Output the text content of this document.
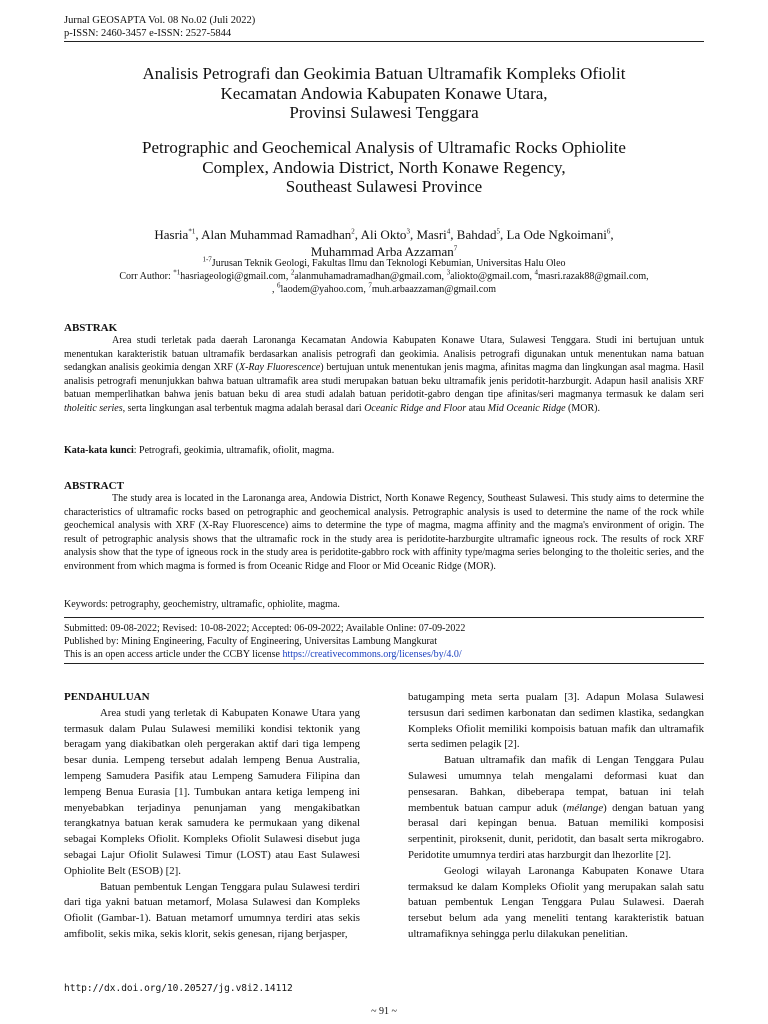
Jurnal GEOSAPTA Vol. 08 No.02 (Juli 2022)
p-ISSN: 2460-3457 e-ISSN: 2527-5844
Analisis Petrografi dan Geokimia Batuan Ultramafik Kompleks Ofiolit
Kecamatan Andowia Kabupaten Konawe Utara,
Provinsi Sulawesi Tenggara
Petrographic and Geochemical Analysis of Ultramafic Rocks Ophiolite
Complex, Andowia District, North Konawe Regency,
Southeast Sulawesi Province
Hasria$^{*1}$, Alan Muhammad Ramadhan$^2$, Ali Okto$^3$, Masri$^4$, Bahdad$^5$, La Ode Ngkoimani$^6$,
Muhammad Arba Azzaman$^7$
$^{1-7}$Jurusan Teknik Geologi, Fakultas Ilmu dan Teknologi Kebumian, Universitas Halu Oleo
Corr Author: $^{*1}$hasriageologi@gmail.com, $^2$alanmuhamadramadhan@gmail.com, $^3$aliokto@gmail.com, $^4$masri.razak88@gmail.com,
, $^6$laodem@yahoo.com, $^7$muh.arbaazzaman@gmail.com
ABSTRAK

Area studi terletak pada daerah Laronanga Kecamatan Andowia Kabupaten Konawe Utara, Sulawesi Tenggara. Studi ini bertujuan untuk menentukan karakteristik batuan ultramafik berdasarkan analisis petrografi dan geokimia. Analisis petrografi digunakan untuk menentukan nama batuan sedangkan analisis geokimia dengan XRF (X-Ray Fluorescence) bertujuan untuk menentukan jenis magma, afinitas magma dan lingkungan asal magma. Hasil analisis petrografi menunjukkan bahwa batuan ultramafik area studi merupakan batuan beku ultramafik jenis peridotit-harzburgit. Adapun hasil analisis XRF batuan memperlihatkan bahwa jenis batuan beku di area studi adalah batuan peridotit-gabro dengan tipe afinitas/seri magmanya termasuk ke dalam seri tholeitic series, serta lingkungan asal terbentuk magma adalah berasal dari Oceanic Ridge and Floor atau Mid Oceanic Ridge (MOR).

Kata-kata kunci: Petrografi, geokimia, ultramafik, ofiolit, magma.
ABSTRACT

The study area is located in the Laronanga area, Andowia District, North Konawe Regency, Southeast Sulawesi. This study aims to determine the characteristics of ultramafic rocks based on petrographic and geochemical analysis. Petrographic analysis is used to determine the name of the rock while geochemical analysis with XRF (X-Ray Fluorescence) aims to determine the type of magma, magma affinity and the magma's environment of origin. The result of petrographic analysis shows that the ultramafic rock in the study area is peridotite-harzburgite ultramafic igneous rock. The results of rock XRF analysis show that the type of igneous rock in the study area is peridotite-gabbro rock with affinity type/magma series belonging to the tholeitic series, and the environment from which magma is formed is from Oceanic Ridge and Floor or Mid Oceanic Ridge (MOR).

Keywords: petrography, geochemistry, ultramafic, ophiolite, magma.
Submitted: 09-08-2022; Revised: 10-08-2022; Accepted: 06-09-2022; Available Online: 07-09-2022
Published by: Mining Engineering, Faculty of Engineering, Universitas Lambung Mangkurat
This is an open access article under the CCBY license https://creativecommons.org/licenses/by/4.0/

PENDAHULUAN

Area studi yang terletak di Kabupaten Konawe Utara yang termasuk dalam Pulau Sulawesi memiliki kondisi tektonik yang beragam yang diakibatkan oleh pergerakan aktif dari tiga lempeng besar dunia. Lempeng tersebut adalah lempeng Benua Australia, lempeng Samudera Pasifik atau Lempeng Samudera Filipina dan lempeng Benua Eurasia [1]. Tumbukan antara ketiga lempeng ini menyebabkan terjadinya penunjaman yang mengakibatkan terangkatnya batuan kerak samudera ke permukaan yang dikenal sebagai Kompleks Ofiolit. Kompleks Ofiolit Sulawesi disebut juga sebagai Lajur Ofiolit Sulawesi Timur (LOST) atau East Sulawesi Ophiolite Belt (ESOB) [2].

Batuan pembentuk Lengan Tenggara pulau Sulawesi terdiri dari tiga yakni batuan metamorf, Molasa Sulawesi dan Kompleks Ofiolit (Gambar-1). Batuan metamorf umumnya terdiri atas sekis amfibolit, sekis mika, sekis klorit, sekis genesan, rijang berjasper,

batugamping meta serta pualam [3]. Adapun Molasa Sulawesi tersusun dari sedimen karbonatan dan sedimen klastika, sedangkan Kompleks Ofiolit memiliki kompoisis batuan mafik dan ultramafik serta sedimen pelagik [2].

Batuan ultramafik dan mafik di Lengan Tenggara Pulau Sulawesi umumnya telah mengalami deformasi kuat dan pensesaran. Bahkan, dibeberapa tempat, batuan ini telah membentuk batuan campur aduk (mélange) dengan batuan yang berasal dari kepingan benua. Batuan memiliki komposisi serpentinit, piroksenit, dunit, peridotit, dan basalt serta mikrogabro. Peridotite umumnya terdiri atas harzburgit dan lhezorlite [2].

Geologi wilayah Laronanga Kabupaten Konawe Utara termaksud ke dalam Kompleks Ofiolit yang merupakan salah satu batuan pembentuk Lengan Tenggara Pulau Sulawesi. Daerah tersebut belum ada yang meneliti tentang karakteristik batuan ultramafiknya sehingga perlu dilakukan penelitian.

http://dx.doi.org/10.20527/jg.v8i2.14112
~ 91 ~
